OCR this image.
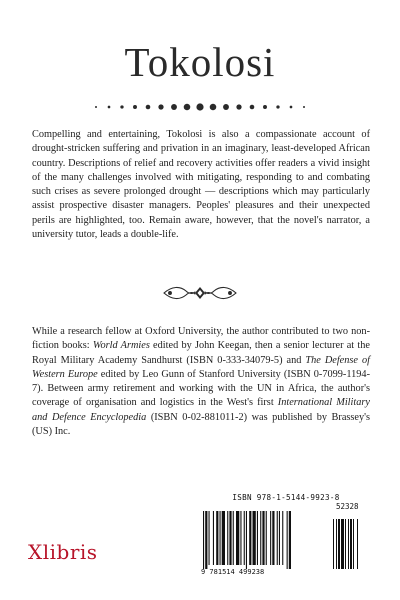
Tokolosi

Compelling and entertaining, Tokolosi is also a compassionate account of drought-stricken suffering and privation in an imaginary, least-developed African country. Descriptions of relief and recovery activities offer readers a vivid insight of the many challenges involved with mitigating, responding to and combating such crises as severe prolonged drought — descriptions which may particularly assist prospective disaster managers. Peoples' pleasures and their unexpected perils are highlighted, too. Remain aware, however, that the novel's narrator, a university tutor, leads a double-life.

While a research fellow at Oxford University, the author contributed to two non-fiction books: World Armies edited by John Keegan, then a senior lecturer at the Royal Military Academy Sandhurst (ISBN 0-333-34079-5) and The Defense of Western Europe edited by Leo Gunn of Stanford University (ISBN 0-7099-1194-7). Between army retirement and working with the UN in Africa, the author's coverage of organisation and logistics in the West's first International Military and Defence Encyclopedia (ISBN 0-02-881011-2) was published by Brassey's (US) Inc.

Xlibris
ISBN 978-1-5144-9923-8
9 781514 499238
52328
